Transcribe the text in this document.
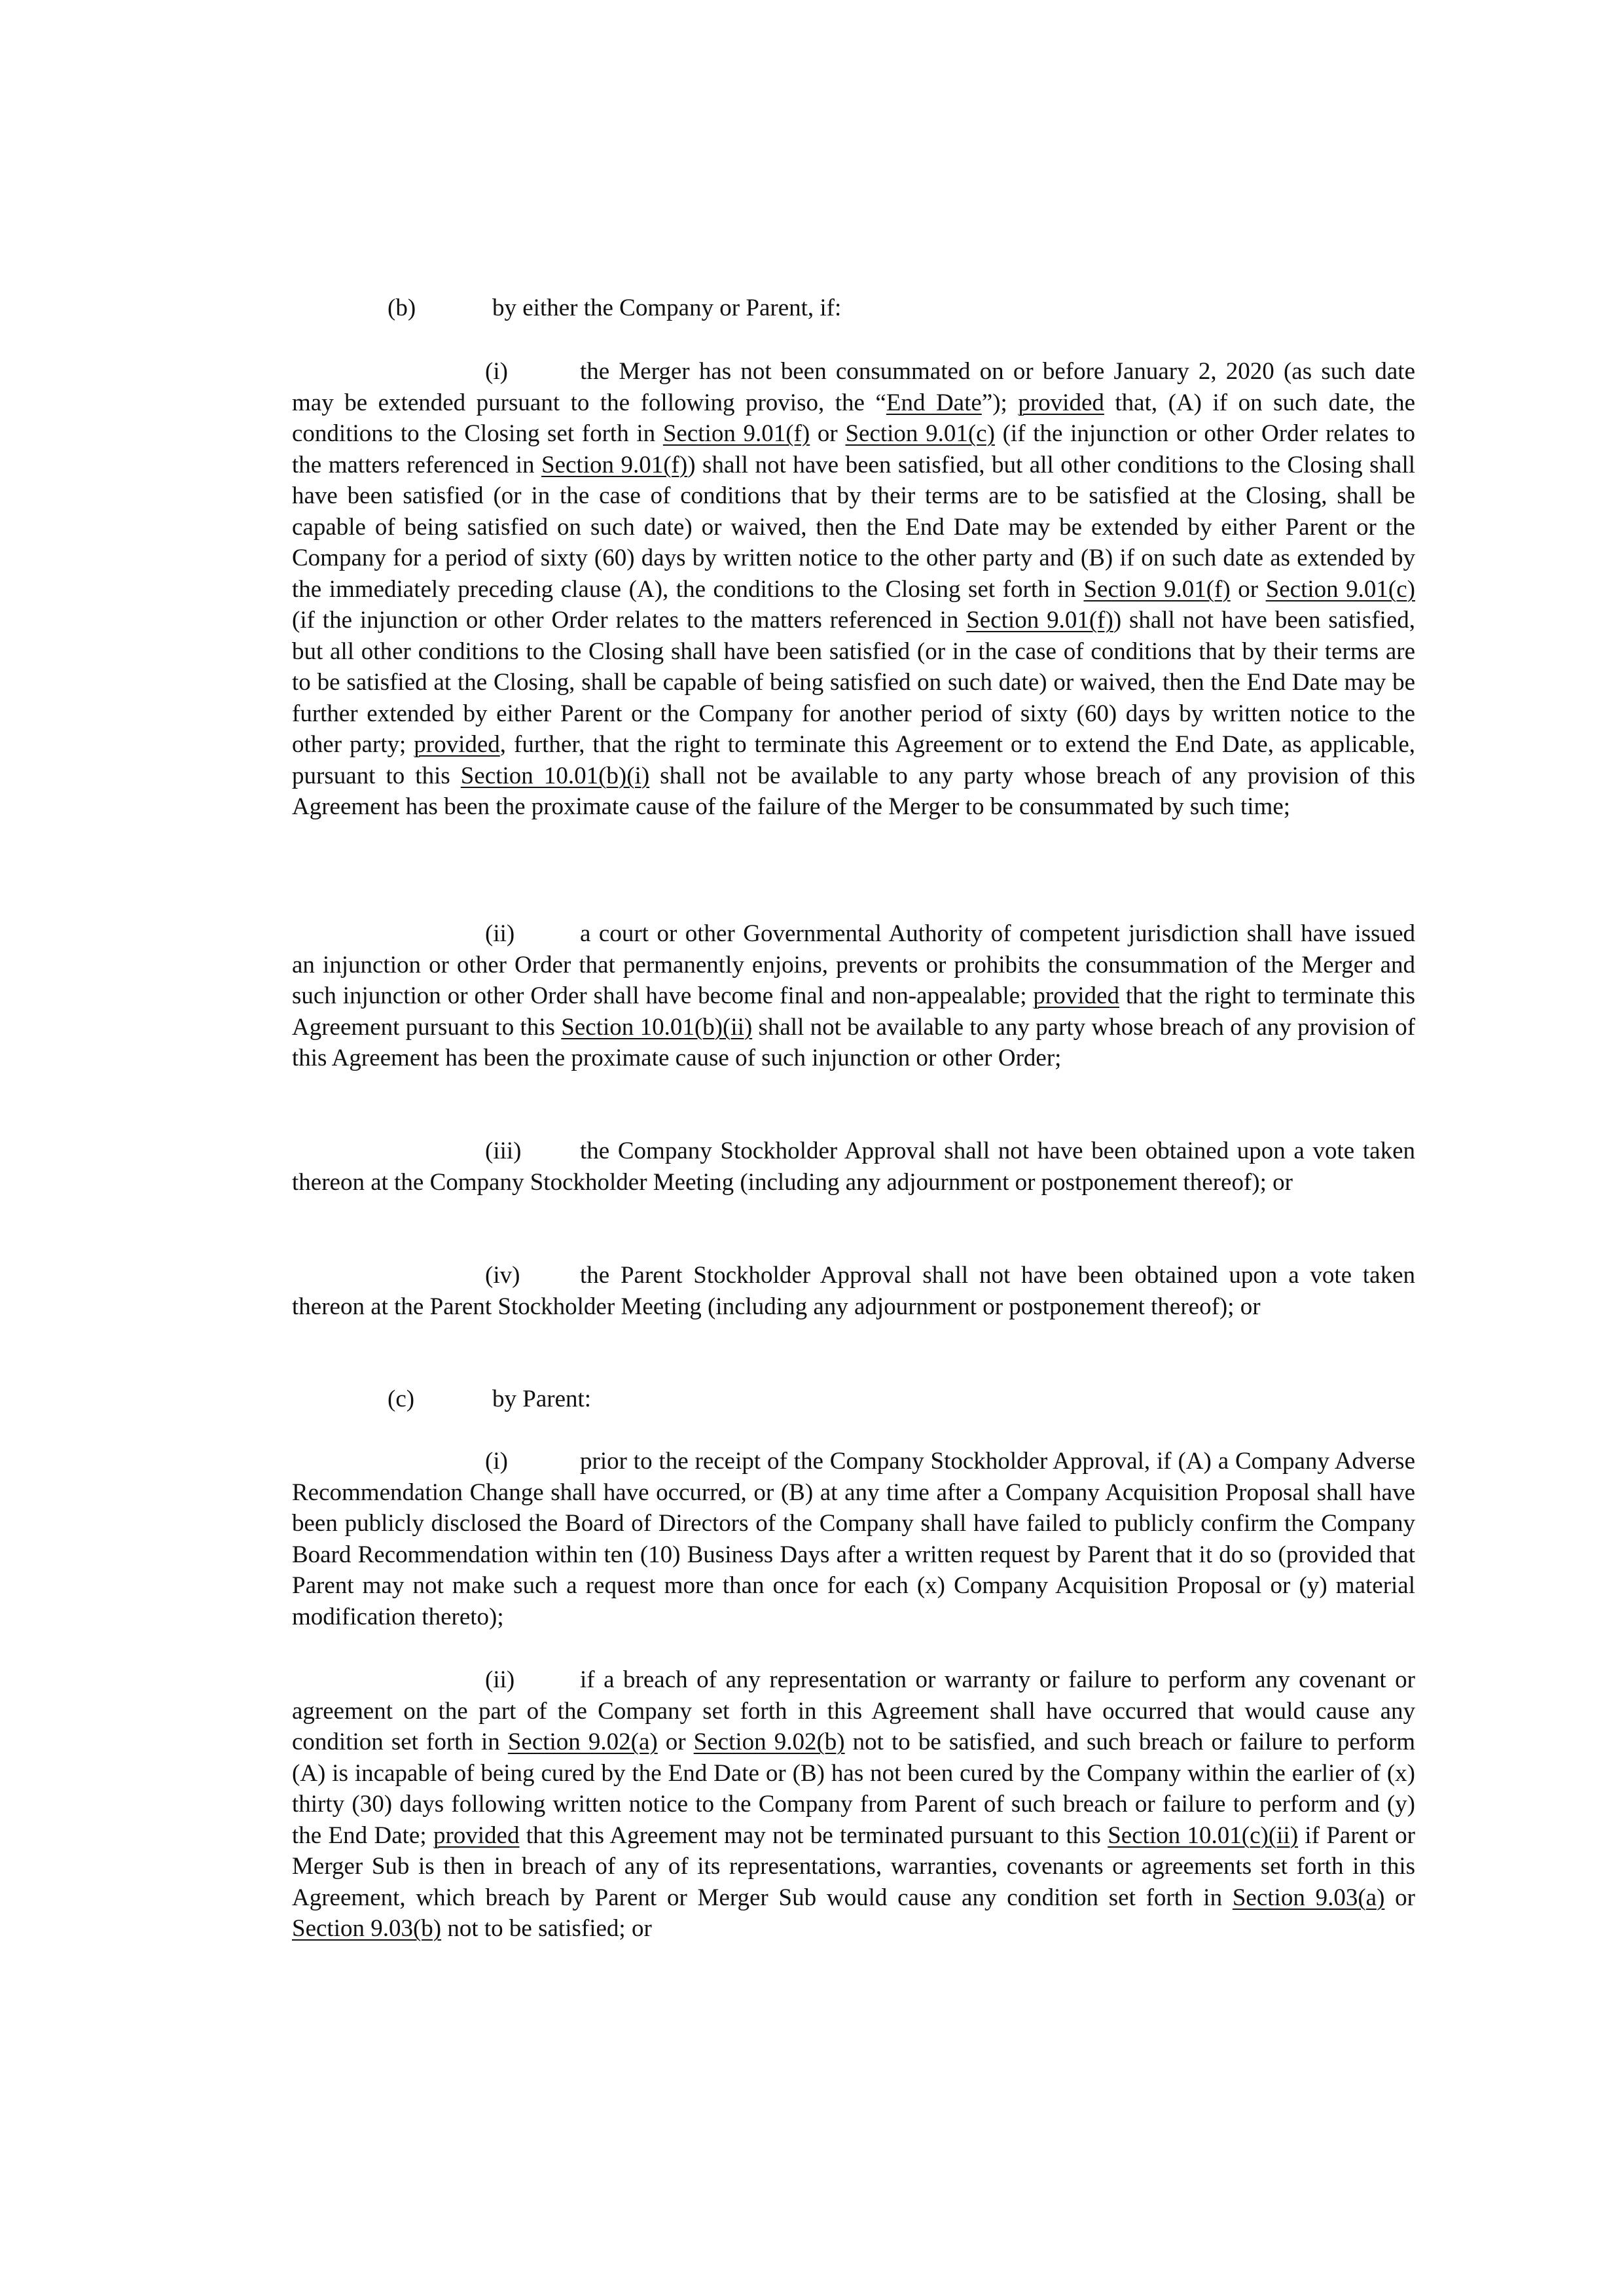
(b)	by either the Company or Parent, if:

(i)	the Merger has not been consummated on or before January 2, 2020 (as such date may be extended pursuant to the following proviso, the “End Date”); provided that, (A) if on such date, the conditions to the Closing set forth in Section 9.01(f) or Section 9.01(c) (if the injunction or other Order relates to the matters referenced in Section 9.01(f)) shall not have been satisfied, but all other conditions to the Closing shall have been satisfied (or in the case of conditions that by their terms are to be satisfied at the Closing, shall be capable of being satisfied on such date) or waived, then the End Date may be extended by either Parent or the Company for a period of sixty (60) days by written notice to the other party and (B) if on such date as extended by the immediately preceding clause (A), the conditions to the Closing set forth in Section 9.01(f) or Section 9.01(c) (if the injunction or other Order relates to the matters referenced in Section 9.01(f)) shall not have been satisfied, but all other conditions to the Closing shall have been satisfied (or in the case of conditions that by their terms are to be satisfied at the Closing, shall be capable of being satisfied on such date) or waived, then the End Date may be further extended by either Parent or the Company for another period of sixty (60) days by written notice to the other party; provided, further, that the right to terminate this Agreement or to extend the End Date, as applicable, pursuant to this Section 10.01(b)(i) shall not be available to any party whose breach of any provision of this Agreement has been the proximate cause of the failure of the Merger to be consummated by such time;

(ii)	a court or other Governmental Authority of competent jurisdiction shall have issued an injunction or other Order that permanently enjoins, prevents or prohibits the consummation of the Merger and such injunction or other Order shall have become final and non-appealable; provided that the right to terminate this Agreement pursuant to this Section 10.01(b)(ii) shall not be available to any party whose breach of any provision of this Agreement has been the proximate cause of such injunction or other Order;

(iii) the Company Stockholder Approval shall not have been obtained upon a vote taken thereon at the Company Stockholder Meeting (including any adjournment or postponement thereof); or

(iv) the Parent Stockholder Approval shall not have been obtained upon a vote taken thereon at the Parent Stockholder Meeting (including any adjournment or postponement thereof); or

(c)	by Parent:

(i)	prior to the receipt of the Company Stockholder Approval, if (A) a Company Adverse Recommendation Change shall have occurred, or (B) at any time after a Company Acquisition Proposal shall have been publicly disclosed the Board of Directors of the Company shall have failed to publicly confirm the Company Board Recommendation within ten (10) Business Days after a written request by Parent that it do so (provided that Parent may not make such a request more than once for each (x) Company Acquisition Proposal or (y) material modification thereto);

(ii)	if a breach of any representation or warranty or failure to perform any covenant or agreement on the part of the Company set forth in this Agreement shall have occurred that would cause any condition set forth in Section 9.02(a) or Section 9.02(b) not to be satisfied, and such breach or failure to perform (A) is incapable of being cured by the End Date or (B) has not been cured by the Company within the earlier of (x) thirty (30) days following written notice to the Company from Parent of such breach or failure to perform and (y) the End Date; provided that this Agreement may not be terminated pursuant to this Section 10.01(c)(ii) if Parent or Merger Sub is then in breach of any of its representations, warranties, covenants or agreements set forth in this Agreement, which breach by Parent or Merger Sub would cause any condition set forth in Section 9.03(a) or Section 9.03(b) not to be satisfied; or
